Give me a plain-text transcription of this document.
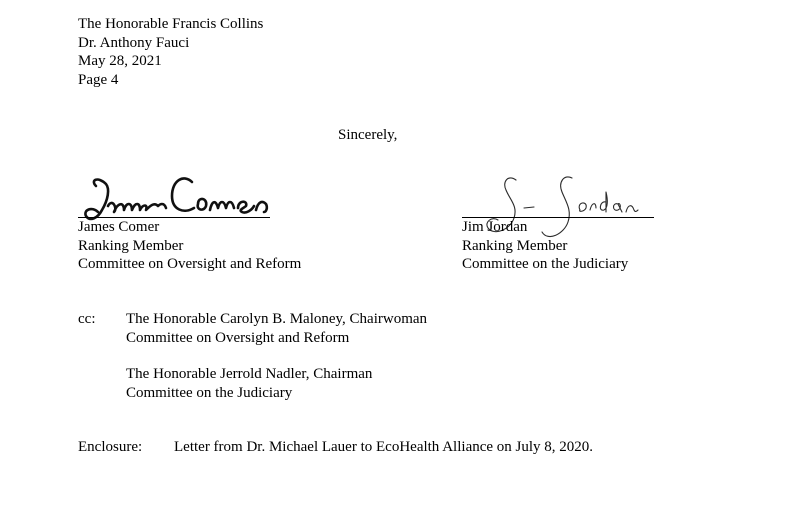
The Honorable Francis Collins
Dr. Anthony Fauci
May 28, 2021
Page 4
Sincerely,
James Comer
Ranking Member
Committee on Oversight and Reform
Jim Jordan
Ranking Member
Committee on the Judiciary
cc: The Honorable Carolyn B. Maloney, Chairwoman
Committee on Oversight and Reform
The Honorable Jerrold Nadler, Chairman
Committee on the Judiciary
Enclosure: Letter from Dr. Michael Lauer to EcoHealth Alliance on July 8, 2020.
